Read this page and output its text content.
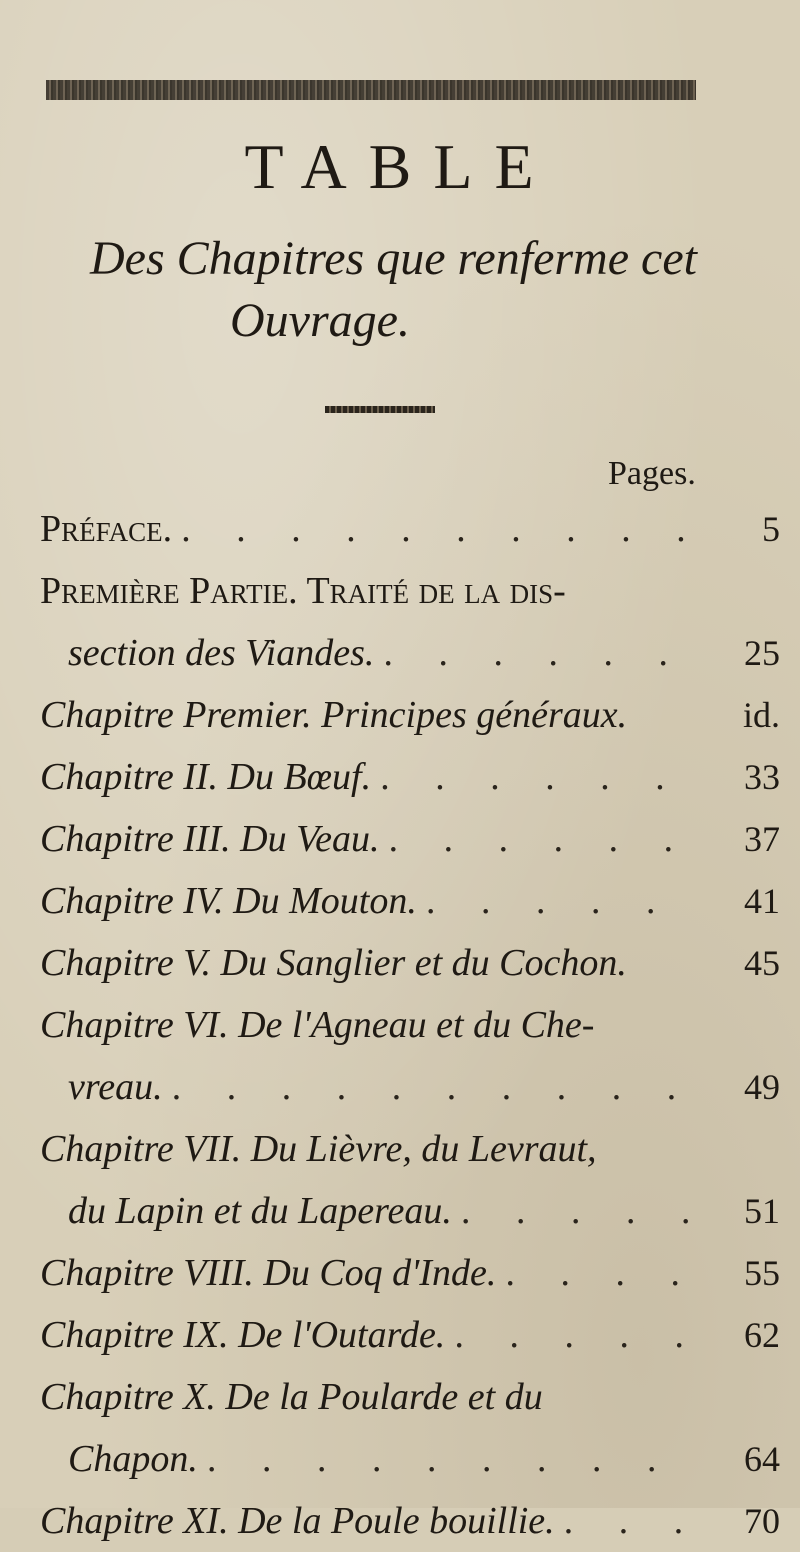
TABLE
Des Chapitres que renferme cet
Ouvrage.
Pages.
Préface. . . .	5
Première Partie. Traité de la dis-
section des Viandes. . . .	25
Chapitre Premier. Principes généraux.	id.
Chapitre II. Du Bœuf. . . .	33
Chapitre III. Du Veau. . . .	37
Chapitre IV. Du Mouton. . . .	41
Chapitre V. Du Sanglier et du Cochon.	45
Chapitre VI. De l'Agneau et du Che-
vreau. . . .	49
Chapitre VII. Du Lièvre, du Levraut,
du Lapin et du Lapereau. . . .	51
Chapitre VIII. Du Coq d'Inde. . . .	55
Chapitre IX. De l'Outarde. . . .	62
Chapitre X. De la Poularde et du
Chapon. . . .	64
Chapitre XI. De la Poule bouillie. . . .	70
